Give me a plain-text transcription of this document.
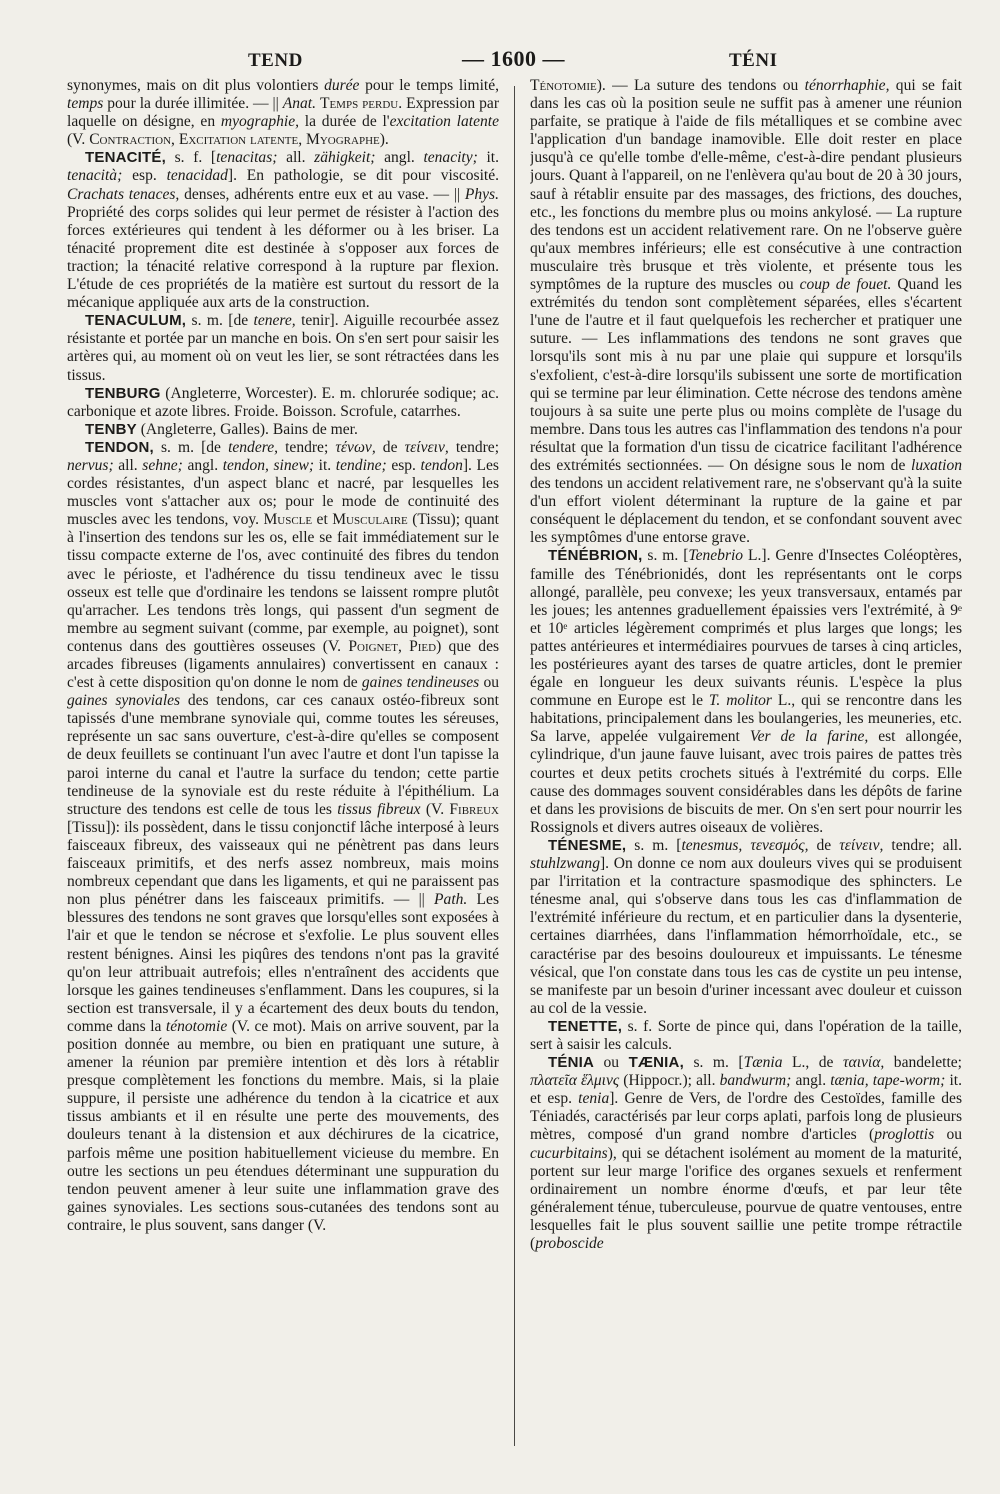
TEND	— 1600 —	TÉNI

synonymes, mais on dit plus volontiers durée pour le temps limité, temps pour la durée illimitée. — || Anat. Temps perdu. Expression par laquelle on désigne, en myographie, la durée de l'excitation latente (V. Contraction, Excitation latente, Myographe).

TENACITÉ, s. f. [tenacitas; all. zähigkeit; angl. tenacity; it. tenacità; esp. tenacidad]. En pathologie, se dit pour viscosité. Crachats tenaces, denses, adhérents entre eux et au vase. — || Phys. Propriété des corps solides qui leur permet de résister à l'action des forces extérieures qui tendent à les déformer ou à les briser. La ténacité proprement dite est destinée à s'opposer aux forces de traction; la ténacité relative correspond à la rupture par flexion. L'étude de ces propriétés de la matière est surtout du ressort de la mécanique appliquée aux arts de la construction.

TENACULUM, s. m. [de tenere, tenir]. Aiguille recourbée assez résistante et portée par un manche en bois. On s'en sert pour saisir les artères qui, au moment où on veut les lier, se sont rétractées dans les tissus.

TENBURG (Angleterre, Worcester). E. m. chlorurée sodique; ac. carbonique et azote libres. Froide. Boisson. Scrofule, catarrhes.

TENBY (Angleterre, Galles). Bains de mer.

TENDON, s. m. [de tendere, tendre; τένων, de τείνειν, tendre; nervus; all. sehne; angl. tendon, sinew; it. tendine; esp. tendon]. Les cordes résistantes, d'un aspect blanc et nacré, par lesquelles les muscles vont s'attacher aux os; pour le mode de continuité des muscles avec les tendons, voy. Muscle et Musculaire (Tissu); quant à l'insertion des tendons sur les os, elle se fait immédiatement sur le tissu compacte externe de l'os, avec continuité des fibres du tendon avec le périoste, et l'adhérence du tissu tendineux avec le tissu osseux est telle que d'ordinaire les tendons se laissent rompre plutôt qu'arracher. Les tendons très longs, qui passent d'un segment de membre au segment suivant (comme, par exemple, au poignet), sont contenus dans des gouttières osseuses (V. Poignet, Pied) que des arcades fibreuses (ligaments annulaires) convertissent en canaux : c'est à cette disposition qu'on donne le nom de gaines tendineuses ou gaines synoviales des tendons, car ces canaux ostéo-fibreux sont tapissés d'une membrane synoviale qui, comme toutes les séreuses, représente un sac sans ouverture, c'est-à-dire qu'elles se composent de deux feuillets se continuant l'un avec l'autre et dont l'un tapisse la paroi interne du canal et l'autre la surface du tendon; cette partie tendineuse de la synoviale est du reste réduite à l'épithélium. La structure des tendons est celle de tous les tissus fibreux (V. Fibreux [Tissu]): ils possèdent, dans le tissu conjonctif lâche interposé à leurs faisceaux fibreux, des vaisseaux qui ne pénètrent pas dans leurs faisceaux primitifs, et des nerfs assez nombreux, mais moins nombreux cependant que dans les ligaments, et qui ne paraissent pas non plus pénétrer dans les faisceaux primitifs. — || Path. Les blessures des tendons ne sont graves que lorsqu'elles sont exposées à l'air et que le tendon se nécrose et s'exfolie. Le plus souvent elles restent bénignes. Ainsi les piqûres des tendons n'ont pas la gravité qu'on leur attribuait autrefois; elles n'entraînent des accidents que lorsque les gaines tendineuses s'enflamment. Dans les coupures, si la section est transversale, il y a écartement des deux bouts du tendon, comme dans la ténotomie (V. ce mot). Mais on arrive souvent, par la position donnée au membre, ou bien en pratiquant une suture, à amener la réunion par première intention et dès lors à rétablir presque complètement les fonctions du membre. Mais, si la plaie suppure, il persiste une adhérence du tendon à la cicatrice et aux tissus ambiants et il en résulte une perte des mouvements, des douleurs tenant à la distension et aux déchirures de la cicatrice, parfois même une position habituellement vicieuse du membre. En outre les sections un peu étendues déterminant une suppuration du tendon peuvent amener à leur suite une inflammation grave des gaines synoviales. Les sections sous-cutanées des tendons sont au contraire, le plus souvent, sans danger (V.

Ténotomie). — La suture des tendons ou ténorrhaphie, qui se fait dans les cas où la position seule ne suffit pas à amener une réunion parfaite, se pratique à l'aide de fils métalliques et se combine avec l'application d'un bandage inamovible. Elle doit rester en place jusqu'à ce qu'elle tombe d'elle-même, c'est-à-dire pendant plusieurs jours. Quant à l'appareil, on ne l'enlèvera qu'au bout de 20 à 30 jours, sauf à rétablir ensuite par des massages, des frictions, des douches, etc., les fonctions du membre plus ou moins ankylosé. — La rupture des tendons est un accident relativement rare. On ne l'observe guère qu'aux membres inférieurs; elle est consécutive à une contraction musculaire très brusque et très violente, et présente tous les symptômes de la rupture des muscles ou coup de fouet. Quand les extrémités du tendon sont complètement séparées, elles s'écartent l'une de l'autre et il faut quelquefois les rechercher et pratiquer une suture. — Les inflammations des tendons ne sont graves que lorsqu'ils sont mis à nu par une plaie qui suppure et lorsqu'ils s'exfolient, c'est-à-dire lorsqu'ils subissent une sorte de mortification qui se termine par leur élimination. Cette nécrose des tendons amène toujours à sa suite une perte plus ou moins complète de l'usage du membre. Dans tous les autres cas l'inflammation des tendons n'a pour résultat que la formation d'un tissu de cicatrice facilitant l'adhérence des extrémités sectionnées. — On désigne sous le nom de luxation des tendons un accident relativement rare, ne s'observant qu'à la suite d'un effort violent déterminant la rupture de la gaine et par conséquent le déplacement du tendon, et se confondant souvent avec les symptômes d'une entorse grave.

TÉNÉBRION, s. m. [Tenebrio L.]. Genre d'Insectes Coléoptères, famille des Ténébrionidés, dont les représentants ont le corps allongé, parallèle, peu convexe; les yeux transversaux, entamés par les joues; les antennes graduellement épaissies vers l'extrémité, à 9ᵉ et 10ᵉ articles légèrement comprimés et plus larges que longs; les pattes antérieures et intermédiaires pourvues de tarses à cinq articles, les postérieures ayant des tarses de quatre articles, dont le premier égale en longueur les deux suivants réunis. L'espèce la plus commune en Europe est le T. molitor L., qui se rencontre dans les habitations, principalement dans les boulangeries, les meuneries, etc. Sa larve, appelée vulgairement Ver de la farine, est allongée, cylindrique, d'un jaune fauve luisant, avec trois paires de pattes très courtes et deux petits crochets situés à l'extrémité du corps. Elle cause des dommages souvent considérables dans les dépôts de farine et dans les provisions de biscuits de mer. On s'en sert pour nourrir les Rossignols et divers autres oiseaux de volières.

TÉNESME, s. m. [tenesmus, τενεσμός, de τείνειν, tendre; all. stuhlzwang]. On donne ce nom aux douleurs vives qui se produisent par l'irritation et la contracture spasmodique des sphincters. Le ténesme anal, qui s'observe dans tous les cas d'inflammation de l'extrémité inférieure du rectum, et en particulier dans la dysenterie, certaines diarrhées, dans l'inflammation hémorrhoïdale, etc., se caractérise par des besoins douloureux et impuissants. Le ténesme vésical, que l'on constate dans tous les cas de cystite un peu intense, se manifeste par un besoin d'uriner incessant avec douleur et cuisson au col de la vessie.

TENETTE, s. f. Sorte de pince qui, dans l'opération de la taille, sert à saisir les calculs.

TÉNIA ou TÆNIA, s. m. [Tænia L., de ταινία, bandelette; πλατεῖα ἕλμινς (Hippocr.); all. bandwurm; angl. tænia, tape-worm; it. et esp. tenia]. Genre de Vers, de l'ordre des Cestoïdes, famille des Téniadés, caractérisés par leur corps aplati, parfois long de plusieurs mètres, composé d'un grand nombre d'articles (proglottis ou cucurbitains), qui se détachent isolément au moment de la maturité, portent sur leur marge l'orifice des organes sexuels et renferment ordinairement un nombre énorme d'œufs, et par leur tête généralement ténue, tuberculeuse, pourvue de quatre ventouses, entre lesquelles fait le plus souvent saillie une petite trompe rétractile (proboscide
